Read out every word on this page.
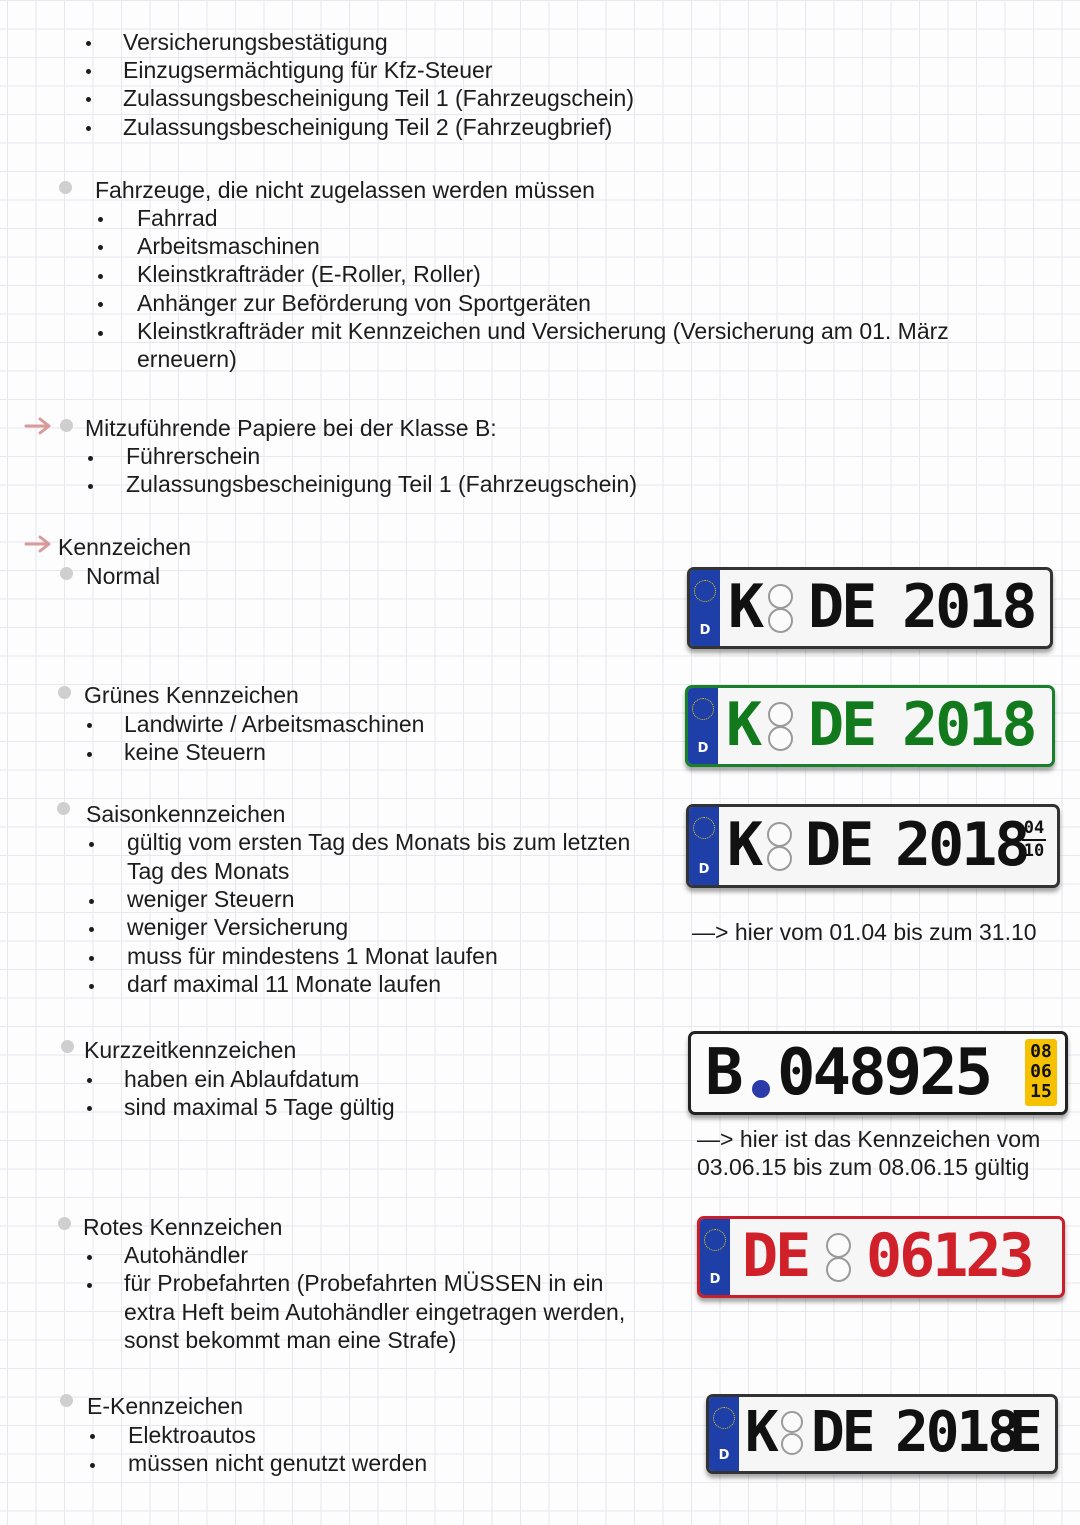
Versicherungsbestätigung
Einzugsermächtigung für Kfz-Steuer
Zulassungsbescheinigung Teil 1 (Fahrzeugschein)
Zulassungsbescheinigung Teil 2 (Fahrzeugbrief)
Fahrzeuge, die nicht zugelassen werden müssen
Fahrrad
Arbeitsmaschinen
Kleinstkrafträder (E-Roller, Roller)
Anhänger zur Beförderung von Sportgeräten
Kleinstkrafträder mit Kennzeichen und Versicherung (Versicherung am 01. März
erneuern)
Mitzuführende Papiere bei der Klasse B:
Führerschein
Zulassungsbescheinigung Teil 1 (Fahrzeugschein)
Kennzeichen
Normal
D K DE 2018
Grünes Kennzeichen
Landwirte / Arbeitsmaschinen
keine Steuern	D K DE 2018
Saisonkennzeichen
gültig vom ersten Tag des Monats bis zum letzten
Tag des Monats
weniger Steuern
weniger Versicherung
muss für mindestens 1 Monat laufen
darf maximal 11 Monate laufen
D K DE 2018
04
10
—> hier vom 01.04 bis zum 31.10
Kurzzeitkennzeichen
haben ein Ablaufdatum
sind maximal 5 Tage gültig	B 048925 08
06
15
—> hier ist das Kennzeichen vom
03.06.15 bis zum 08.06.15 gültig
Rotes Kennzeichen
Autohändler
für Probefahrten (Probefahrten MÜSSEN in ein
extra Heft beim Autohändler eingetragen werden,
sonst bekommt man eine Strafe)
D DE 06123
E-Kennzeichen
Elektroautos
müssen nicht genutzt werden	D K DE 2018
E
